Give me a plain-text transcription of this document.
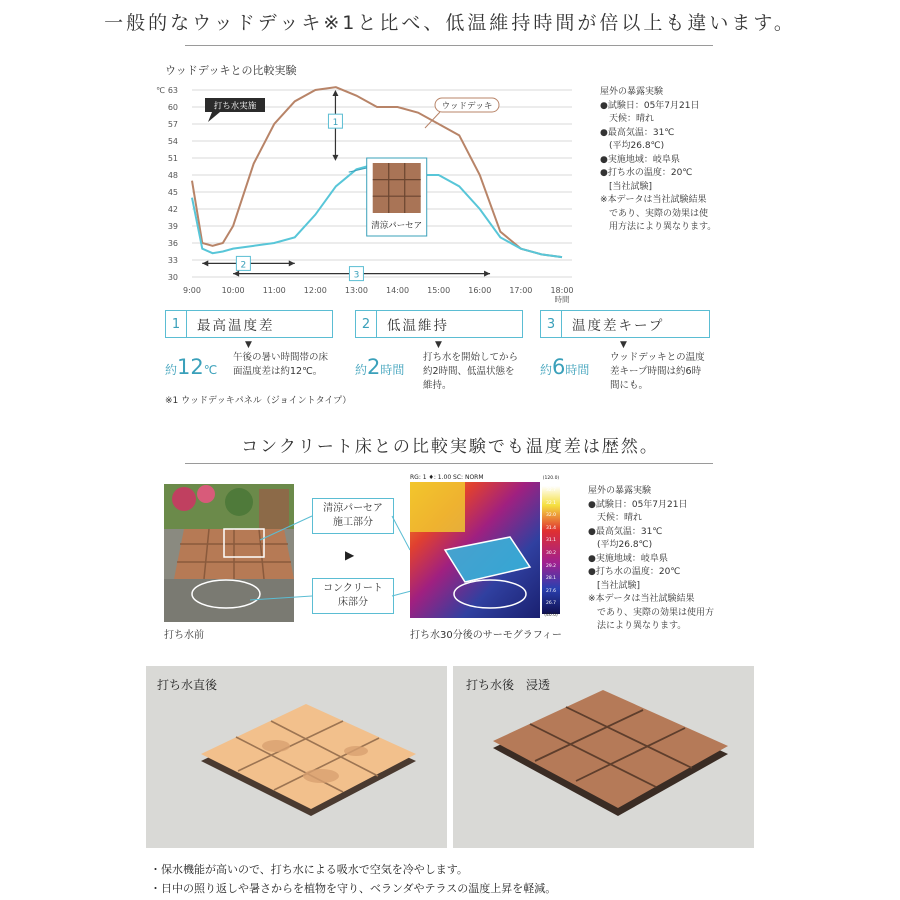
一般的なウッドデッキ※1と比べ、低温維持時間が倍以上も違います。
ウッドデッキとの比較実験
63
60
57
54
51
48
45
42
39
36
33
30
℃
9:00	10:00 11:00 12:00 13:00 14:00 15:00 16:00 17:00 18:00
時間
打ち水実施	ウッドデッキ
1
2
3
清涼パーセア
屋外の暴露実験
●試験日：05年7月21日
　天候：晴れ
●最高気温：31℃
　(平均26.8℃)
●実施地域：岐阜県
●打ち水の温度：20℃
　[当社試験]
※本データは当社試験結果
　であり、実際の効果は使
　用方法により異なります。
1	最高温度差
▼
約12℃
午後の暑い時間帯の床
面温度差は約12℃。
2	低温維持
▼
約2時間
打ち水を開始してから
約2時間、低温状態を
維持。
3	温度差キープ
▼
約6時間
ウッドデッキとの温度
差キープ時間は約6時
間にも。
※1 ウッドデッキパネル（ジョイントタイプ）
コンクリート床との比較実験でも温度差は歴然。
打ち水前
清涼パーセア
施工部分
コンクリート
床部分
▶
RG: 1 ♦: 1.00 SC: NORM	(120.0)
32.7
32.1
32.0
31.4
31.1
30.2
29.2
28.1
27.6
26.7
(40.0)
打ち水30分後のサーモグラフィー
屋外の暴露実験
●試験日：05年7月21日
　天候：晴れ
●最高気温：31℃
　(平均26.8℃)
●実施地域：岐阜県
●打ち水の温度：20℃
　[当社試験]
※本データは当社試験結果
　であり、実際の効果は使用方
　法により異なります。
打ち水直後	打ち水後　浸透
・保水機能が高いので、打ち水による吸水で空気を冷やします。
・日中の照り返しや暑さからを植物を守り、ベランダやテラスの温度上昇を軽減。
